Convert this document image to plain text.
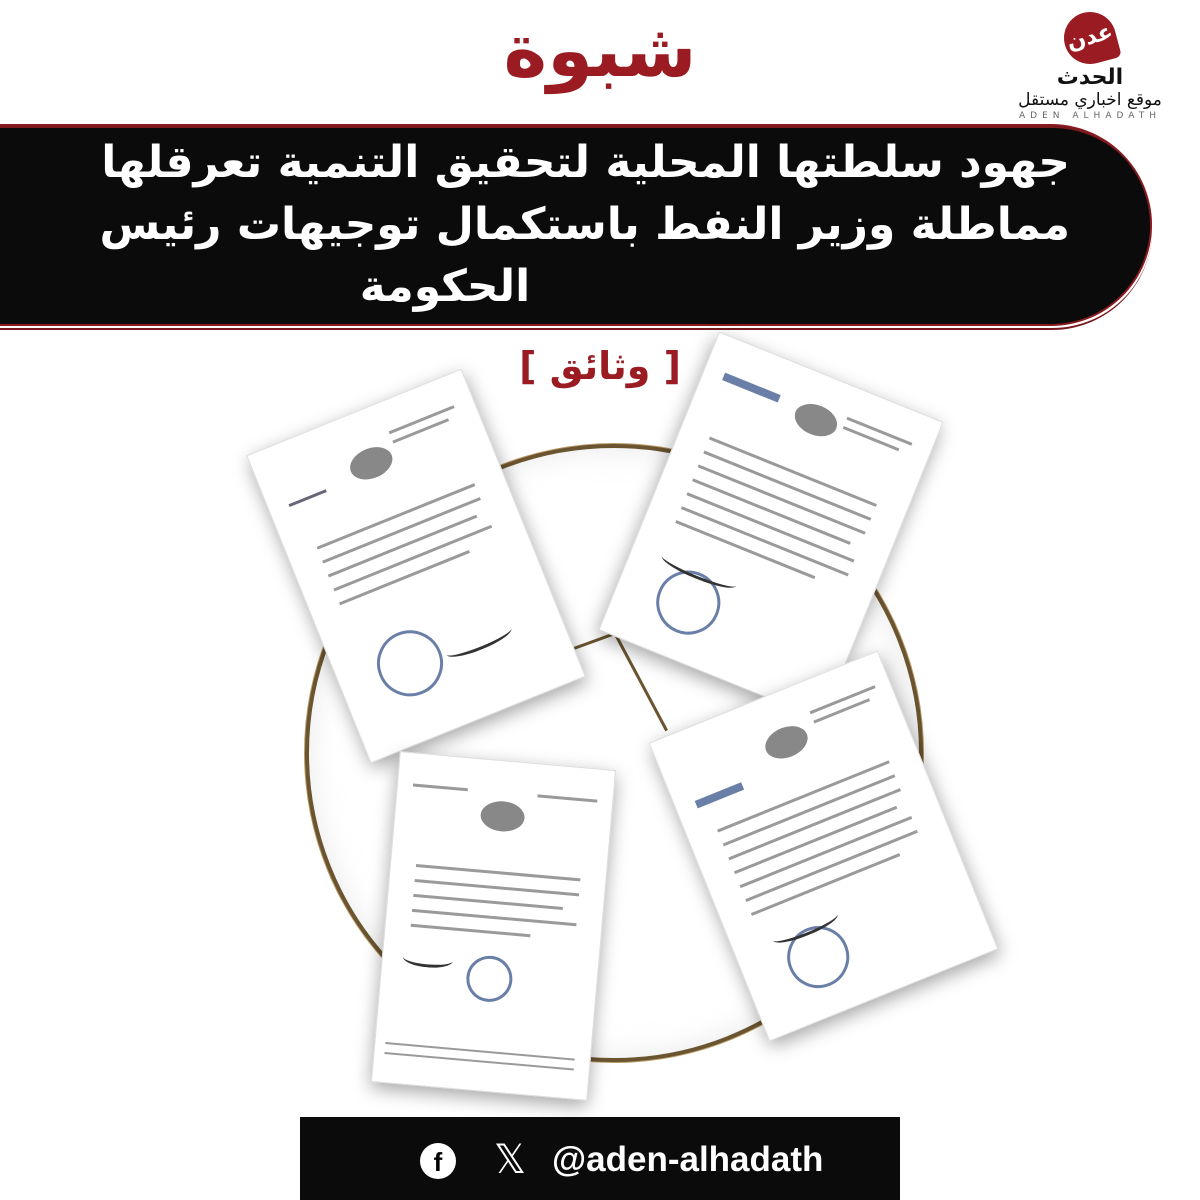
شبوة	عدن
الحدث
موقع اخباري مستقل
ADEN ALHADATH
جهود سلطتها المحلية لتحقيق التنمية تعرقلها
مماطلة وزير النفط باستكمال توجيهات رئيس
الحكومة
[ وثائق ]
f	𝕏 @aden-alhadath
